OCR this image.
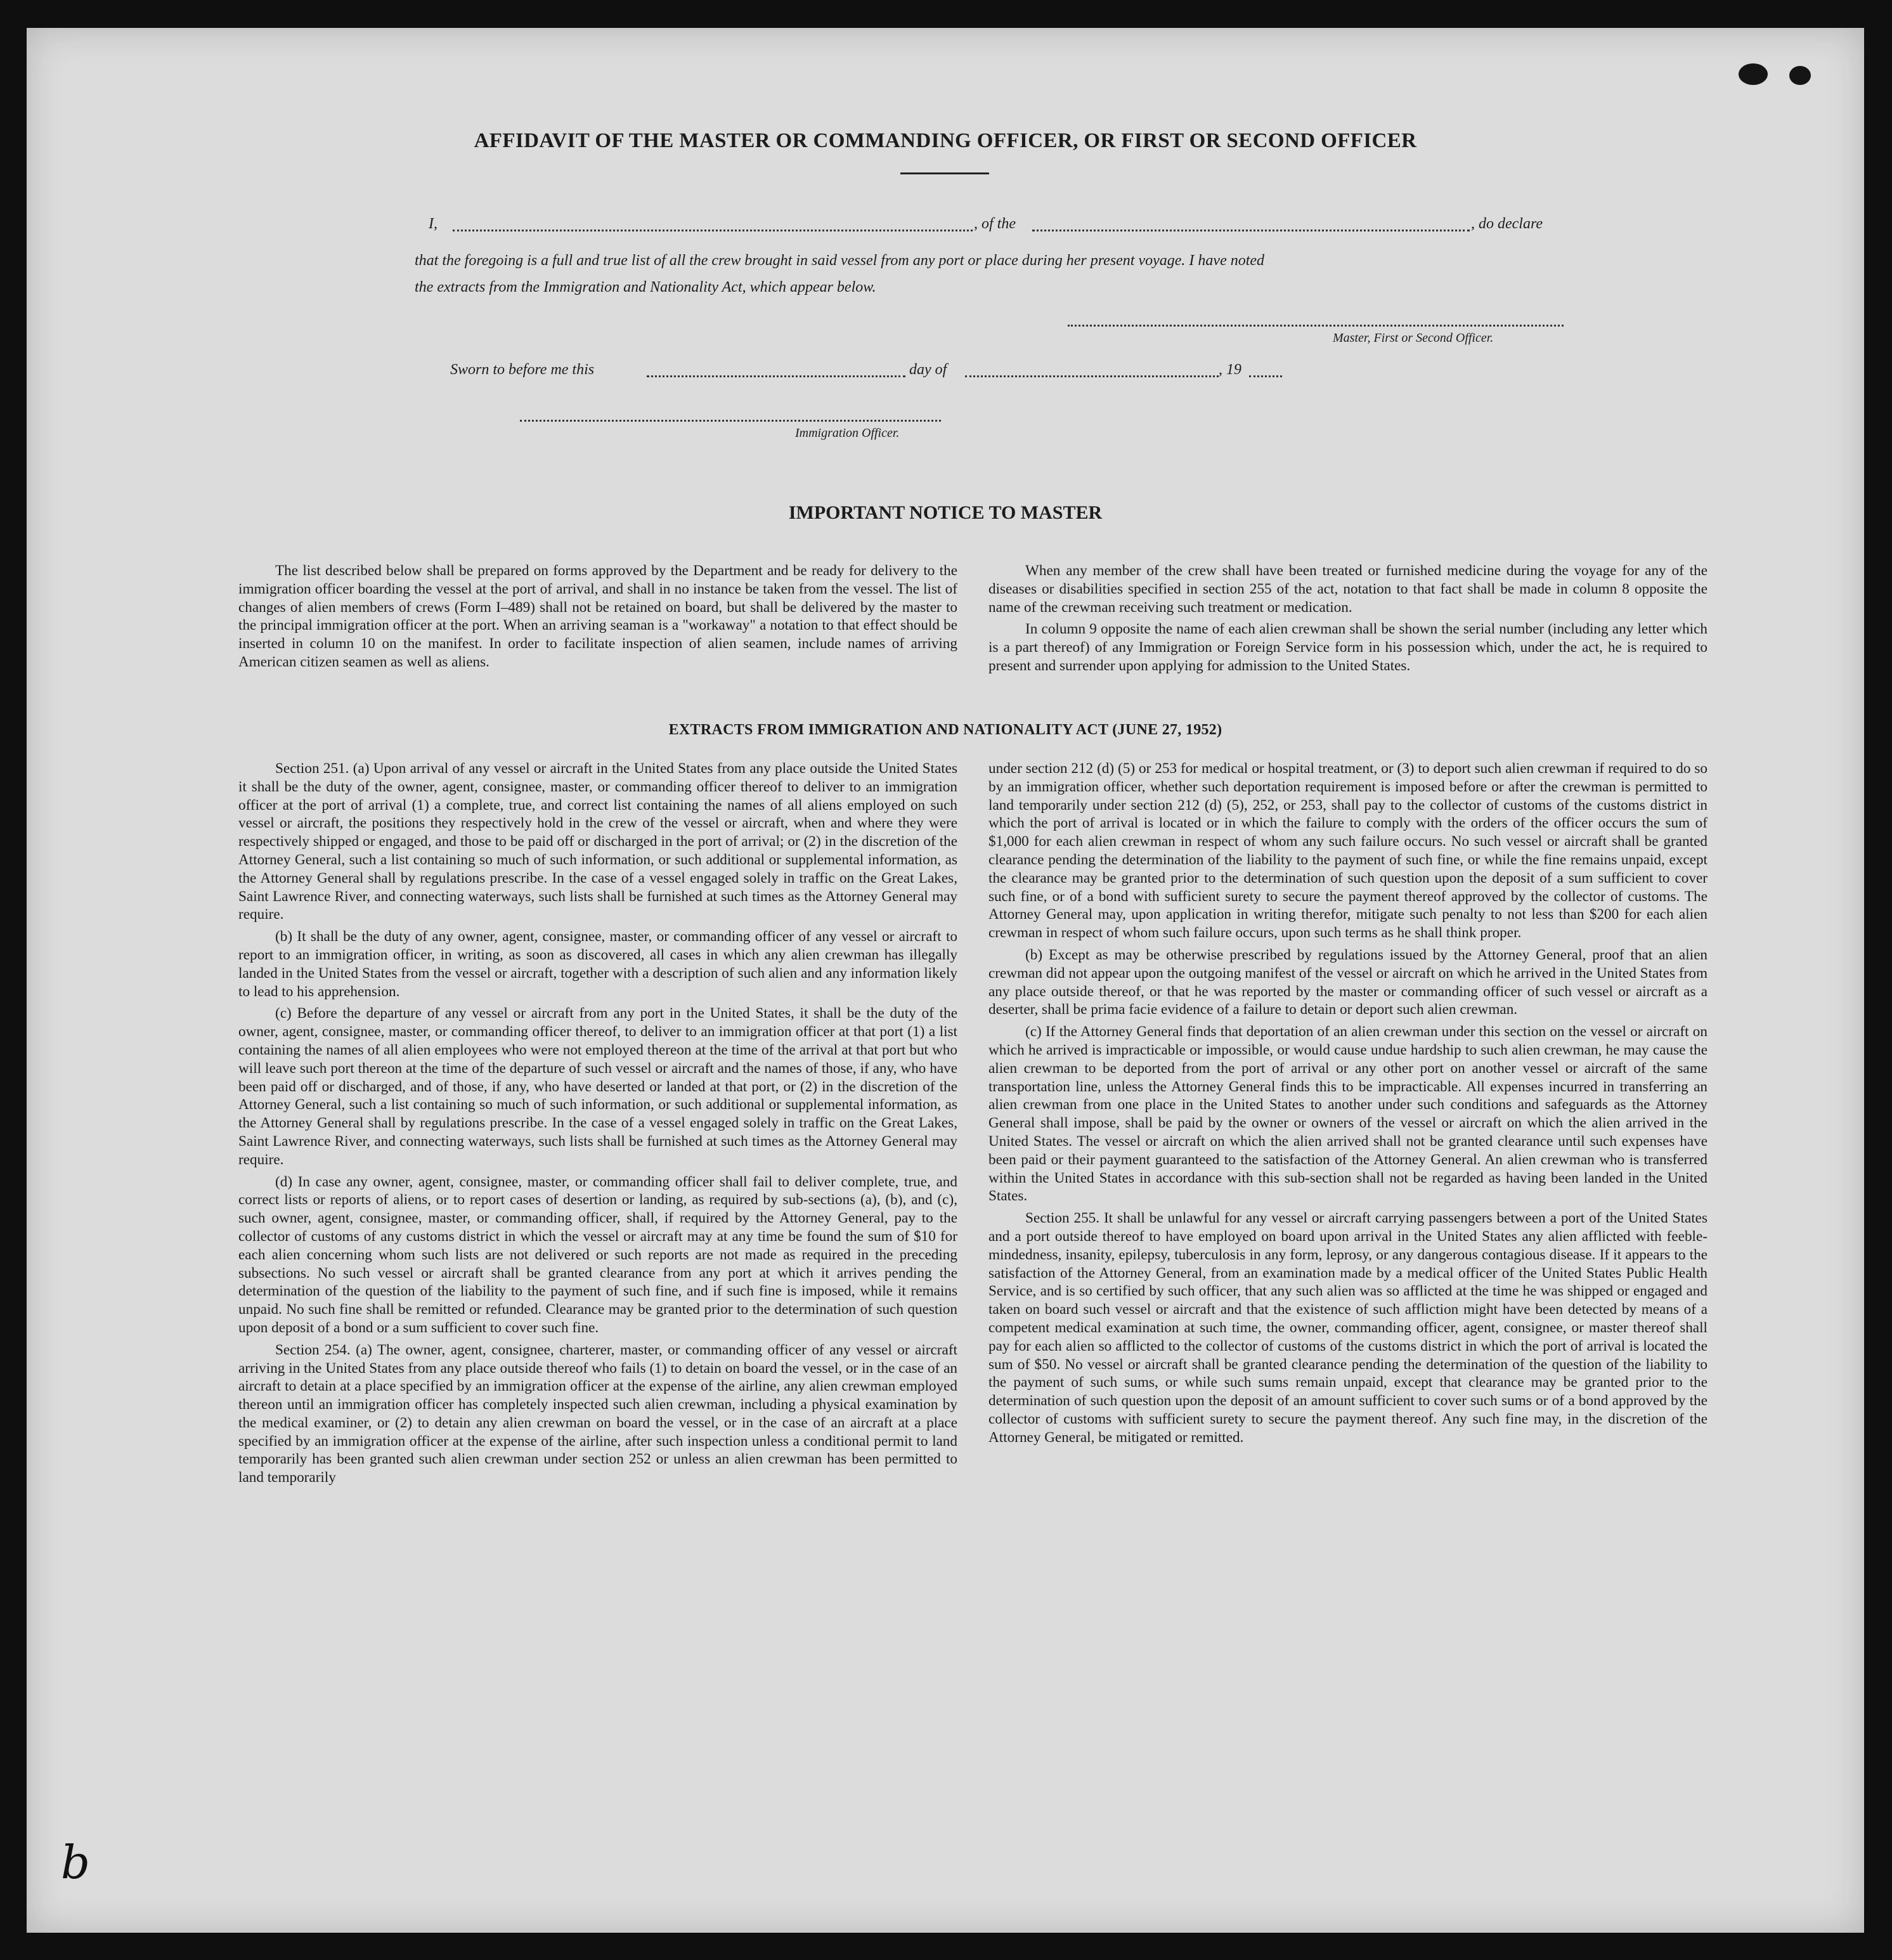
AFFIDAVIT OF THE MASTER OR COMMANDING OFFICER, OR FIRST OR SECOND OFFICER
I,	, of the	, do declare
that the foregoing is a full and true list of all the crew brought in said vessel from any port or place during her present voyage. I have noted
the extracts from the Immigration and Nationality Act, which appear below.
Master, First or Second Officer.
Sworn to before me this	day of	, 19
Immigration Officer.
IMPORTANT NOTICE TO MASTER

The list described below shall be prepared on forms approved by the Department and be ready for delivery to the immigration officer boarding the vessel at the port of arrival, and shall in no instance be taken from the vessel. The list of changes of alien members of crews (Form I–489) shall not be retained on board, but shall be delivered by the master to the principal immigration officer at the port. When an arriving seaman is a "workaway" a notation to that effect should be inserted in column 10 on the manifest. In order to facilitate inspection of alien seamen, include names of arriving American citizen seamen as well as aliens.

When any member of the crew shall have been treated or furnished medicine during the voyage for any of the diseases or disabilities specified in section 255 of the act, notation to that fact shall be made in column 8 opposite the name of the crewman receiving such treatment or medication.

In column 9 opposite the name of each alien crewman shall be shown the serial number (including any letter which is a part thereof) of any Immigration or Foreign Service form in his possession which, under the act, he is required to present and surrender upon applying for admission to the United States.

EXTRACTS FROM IMMIGRATION AND NATIONALITY ACT (JUNE 27, 1952)

Section 251. (a) Upon arrival of any vessel or aircraft in the United States from any place outside the United States it shall be the duty of the owner, agent, consignee, master, or commanding officer thereof to deliver to an immigration officer at the port of arrival (1) a complete, true, and correct list containing the names of all aliens employed on such vessel or aircraft, the positions they respectively hold in the crew of the vessel or aircraft, when and where they were respectively shipped or engaged, and those to be paid off or discharged in the port of arrival; or (2) in the discretion of the Attorney General, such a list containing so much of such information, or such additional or supplemental information, as the Attorney General shall by regulations prescribe. In the case of a vessel engaged solely in traffic on the Great Lakes, Saint Lawrence River, and connecting waterways, such lists shall be furnished at such times as the Attorney General may require.

(b) It shall be the duty of any owner, agent, consignee, master, or commanding officer of any vessel or aircraft to report to an immigration officer, in writing, as soon as discovered, all cases in which any alien crewman has illegally landed in the United States from the vessel or aircraft, together with a description of such alien and any information likely to lead to his apprehension.

(c) Before the departure of any vessel or aircraft from any port in the United States, it shall be the duty of the owner, agent, consignee, master, or commanding officer thereof, to deliver to an immigration officer at that port (1) a list containing the names of all alien employees who were not employed thereon at the time of the arrival at that port but who will leave such port thereon at the time of the departure of such vessel or aircraft and the names of those, if any, who have been paid off or discharged, and of those, if any, who have deserted or landed at that port, or (2) in the discretion of the Attorney General, such a list containing so much of such information, or such additional or supplemental information, as the Attorney General shall by regulations prescribe. In the case of a vessel engaged solely in traffic on the Great Lakes, Saint Lawrence River, and connecting waterways, such lists shall be furnished at such times as the Attorney General may require.

(d) In case any owner, agent, consignee, master, or commanding officer shall fail to deliver complete, true, and correct lists or reports of aliens, or to report cases of desertion or landing, as required by sub-sections (a), (b), and (c), such owner, agent, consignee, master, or commanding officer, shall, if required by the Attorney General, pay to the collector of customs of any customs district in which the vessel or aircraft may at any time be found the sum of $10 for each alien concerning whom such lists are not delivered or such reports are not made as required in the preceding subsections. No such vessel or aircraft shall be granted clearance from any port at which it arrives pending the determination of the question of the liability to the payment of such fine, and if such fine is imposed, while it remains unpaid. No such fine shall be remitted or refunded. Clearance may be granted prior to the determination of such question upon deposit of a bond or a sum sufficient to cover such fine.

Section 254. (a) The owner, agent, consignee, charterer, master, or commanding officer of any vessel or aircraft arriving in the United States from any place outside thereof who fails (1) to detain on board the vessel, or in the case of an aircraft to detain at a place specified by an immigration officer at the expense of the airline, any alien crewman employed thereon until an immigration officer has completely inspected such alien crewman, including a physical examination by the medical examiner, or (2) to detain any alien crewman on board the vessel, or in the case of an aircraft at a place specified by an immigration officer at the expense of the airline, after such inspection unless a conditional permit to land temporarily has been granted such alien crewman under section 252 or unless an alien crewman has been permitted to land temporarily

under section 212 (d) (5) or 253 for medical or hospital treatment, or (3) to deport such alien crewman if required to do so by an immigration officer, whether such deportation requirement is imposed before or after the crewman is permitted to land temporarily under section 212 (d) (5), 252, or 253, shall pay to the collector of customs of the customs district in which the port of arrival is located or in which the failure to comply with the orders of the officer occurs the sum of $1,000 for each alien crewman in respect of whom any such failure occurs. No such vessel or aircraft shall be granted clearance pending the determination of the liability to the payment of such fine, or while the fine remains unpaid, except the clearance may be granted prior to the determination of such question upon the deposit of a sum sufficient to cover such fine, or of a bond with sufficient surety to secure the payment thereof approved by the collector of customs. The Attorney General may, upon application in writing therefor, mitigate such penalty to not less than $200 for each alien crewman in respect of whom such failure occurs, upon such terms as he shall think proper.

(b) Except as may be otherwise prescribed by regulations issued by the Attorney General, proof that an alien crewman did not appear upon the outgoing manifest of the vessel or aircraft on which he arrived in the United States from any place outside thereof, or that he was reported by the master or commanding officer of such vessel or aircraft as a deserter, shall be prima facie evidence of a failure to detain or deport such alien crewman.

(c) If the Attorney General finds that deportation of an alien crewman under this section on the vessel or aircraft on which he arrived is impracticable or impossible, or would cause undue hardship to such alien crewman, he may cause the alien crewman to be deported from the port of arrival or any other port on another vessel or aircraft of the same transportation line, unless the Attorney General finds this to be impracticable. All expenses incurred in transferring an alien crewman from one place in the United States to another under such conditions and safeguards as the Attorney General shall impose, shall be paid by the owner or owners of the vessel or aircraft on which the alien arrived in the United States. The vessel or aircraft on which the alien arrived shall not be granted clearance until such expenses have been paid or their payment guaranteed to the satisfaction of the Attorney General. An alien crewman who is transferred within the United States in accordance with this sub-section shall not be regarded as having been landed in the United States.

Section 255. It shall be unlawful for any vessel or aircraft carrying passengers between a port of the United States and a port outside thereof to have employed on board upon arrival in the United States any alien afflicted with feeble-mindedness, insanity, epilepsy, tuberculosis in any form, leprosy, or any dangerous contagious disease. If it appears to the satisfaction of the Attorney General, from an examination made by a medical officer of the United States Public Health Service, and is so certified by such officer, that any such alien was so afflicted at the time he was shipped or engaged and taken on board such vessel or aircraft and that the existence of such affliction might have been detected by means of a competent medical examination at such time, the owner, commanding officer, agent, consignee, or master thereof shall pay for each alien so afflicted to the collector of customs of the customs district in which the port of arrival is located the sum of $50. No vessel or aircraft shall be granted clearance pending the determination of the question of the liability to the payment of such sums, or while such sums remain unpaid, except that clearance may be granted prior to the determination of such question upon the deposit of an amount sufficient to cover such sums or of a bond approved by the collector of customs with sufficient surety to secure the payment thereof. Any such fine may, in the discretion of the Attorney General, be mitigated or remitted.

b
